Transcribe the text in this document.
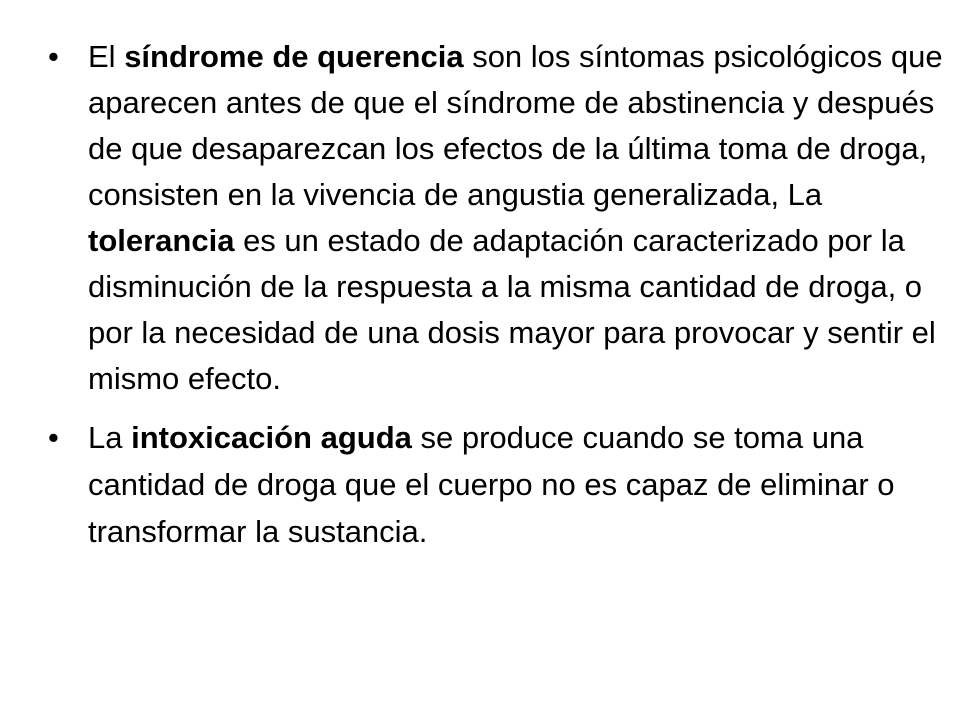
• El síndrome de querencia son los síntomas psicológicos que aparecen antes de que el síndrome de abstinencia y después de que desaparezcan los efectos de la última toma de droga, consisten en la vivencia de angustia generalizada, La tolerancia es un estado de adaptación caracterizado por la disminución de la respuesta a la misma cantidad de droga, o por la necesidad de una dosis mayor para provocar y sentir el mismo efecto.

• La intoxicación aguda se produce cuando se toma una cantidad de droga que el cuerpo no es capaz de eliminar o transformar la sustancia.
